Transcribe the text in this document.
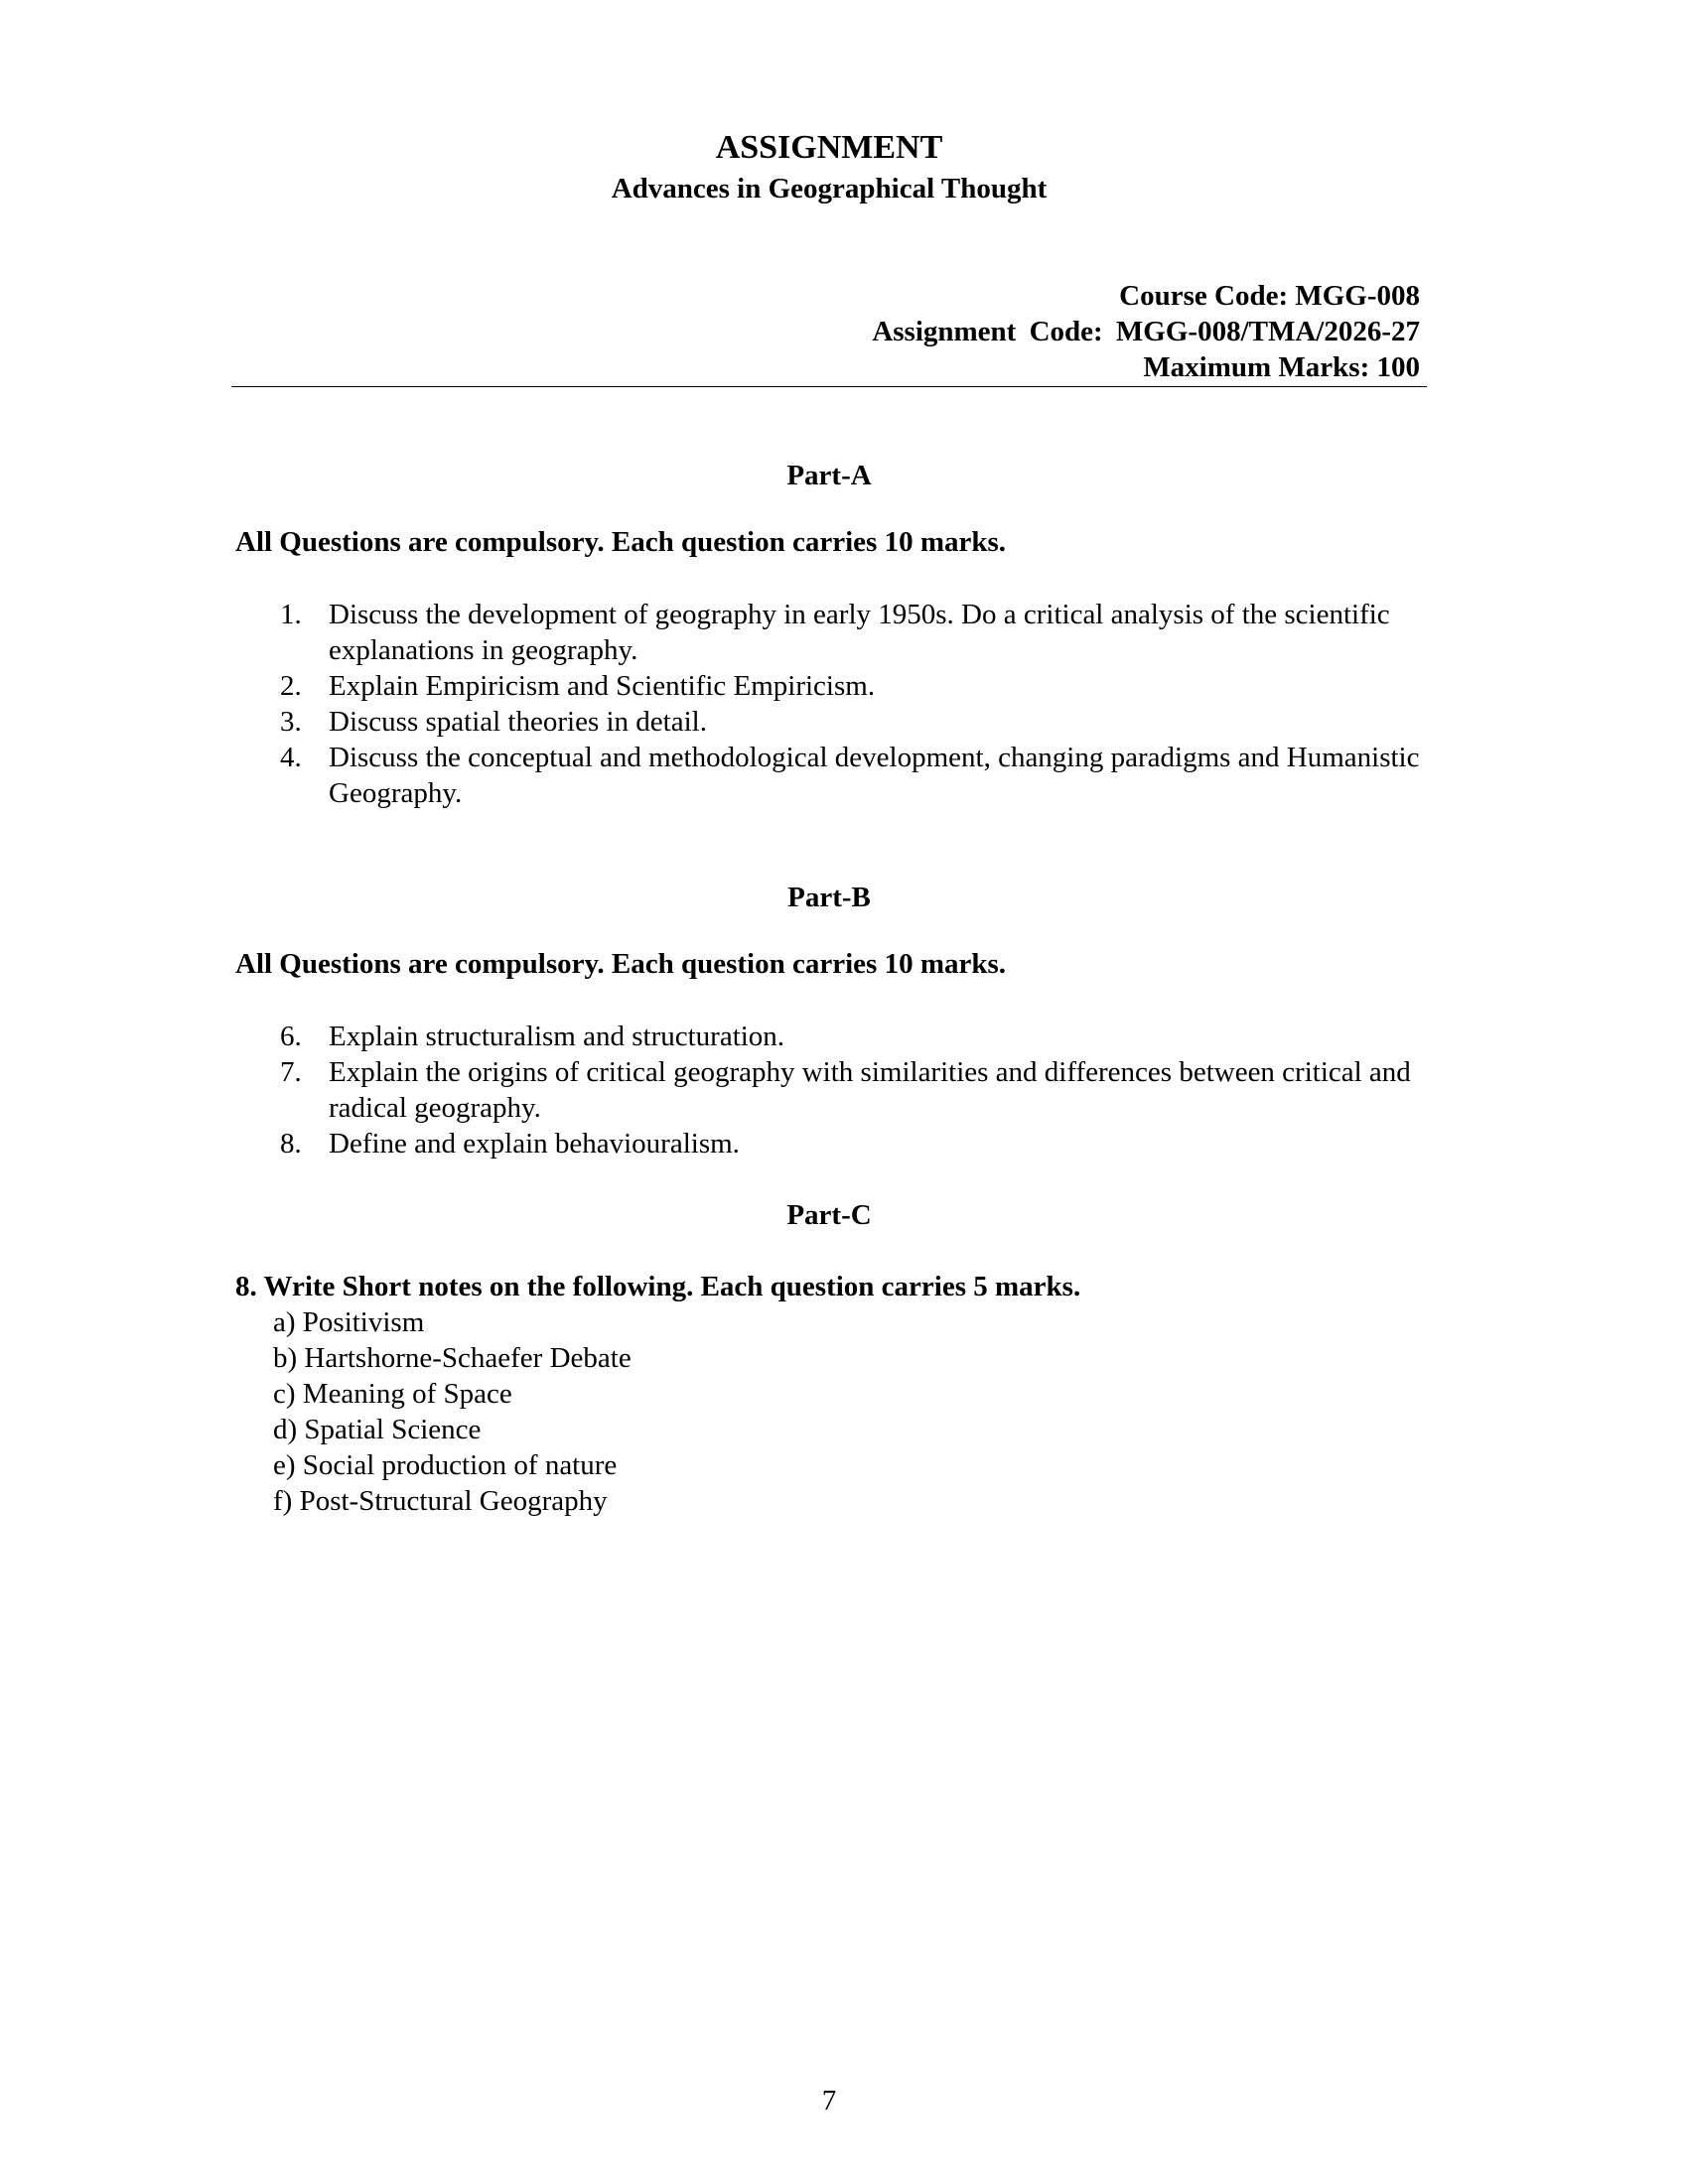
ASSIGNMENT
Advances in Geographical Thought
Course Code: MGG-008
Assignment Code: MGG-008/TMA/2026-27
Maximum Marks: 100
Part-A
All Questions are compulsory. Each question carries 10 marks.
1. Discuss the development of geography in early 1950s. Do a critical analysis of the scientific explanations in geography.
2. Explain Empiricism and Scientific Empiricism.
3. Discuss spatial theories in detail.
4. Discuss the conceptual and methodological development, changing paradigms and Humanistic Geography.
Part-B
All Questions are compulsory. Each question carries 10 marks.
6. Explain structuralism and structuration.
7. Explain the origins of critical geography with similarities and differences between critical and radical geography.
8. Define and explain behaviouralism.
Part-C
8. Write Short notes on the following. Each question carries 5 marks.
a) Positivism
b) Hartshorne-Schaefer Debate
c) Meaning of Space
d) Spatial Science
e) Social production of nature
f) Post-Structural Geography
7
